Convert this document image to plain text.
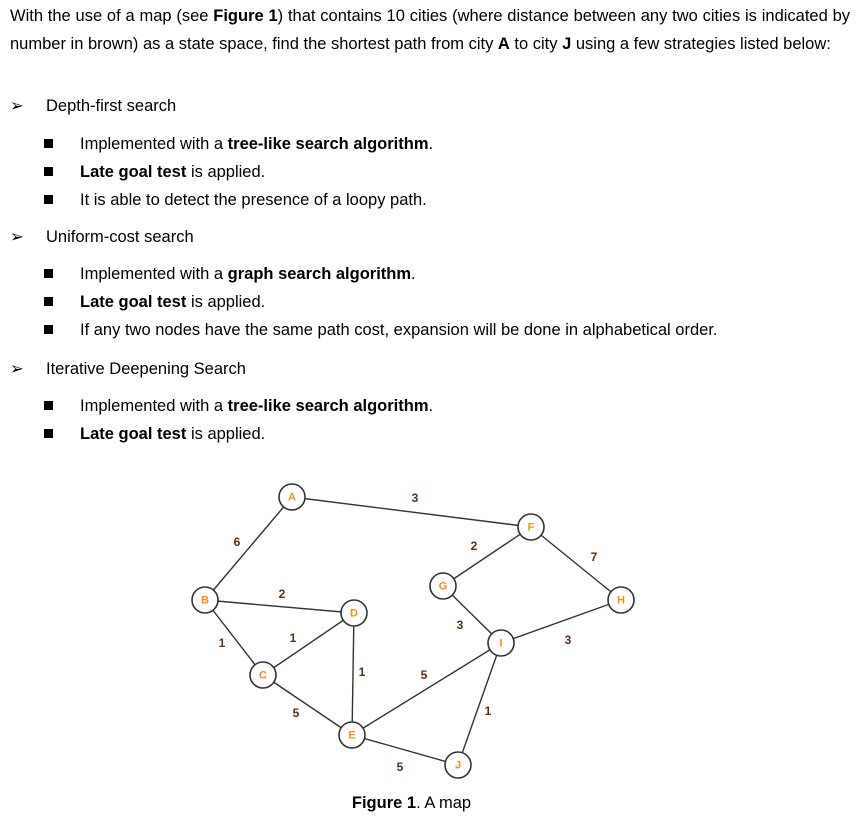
With the use of a map (see Figure 1) that contains 10 cities (where distance between any two cities is indicated by number in brown) as a state space, find the shortest path from city A to city J using a few strategies listed below:
➢ Depth-first search
Implemented with a tree-like search algorithm.
Late goal test is applied.
It is able to detect the presence of a loopy path.
➢ Uniform-cost search
Implemented with a graph search algorithm.
Late goal test is applied.
If any two nodes have the same path cost, expansion will be done in alphabetical order.
➢ Iterative Deepening Search
Implemented with a tree-like search algorithm.
Late goal test is applied.
3
6
2
1	1
5
1	5
5
2
7
3
3
1
A
B
C
D
E
F
G
H
I
J
Figure 1. A map
